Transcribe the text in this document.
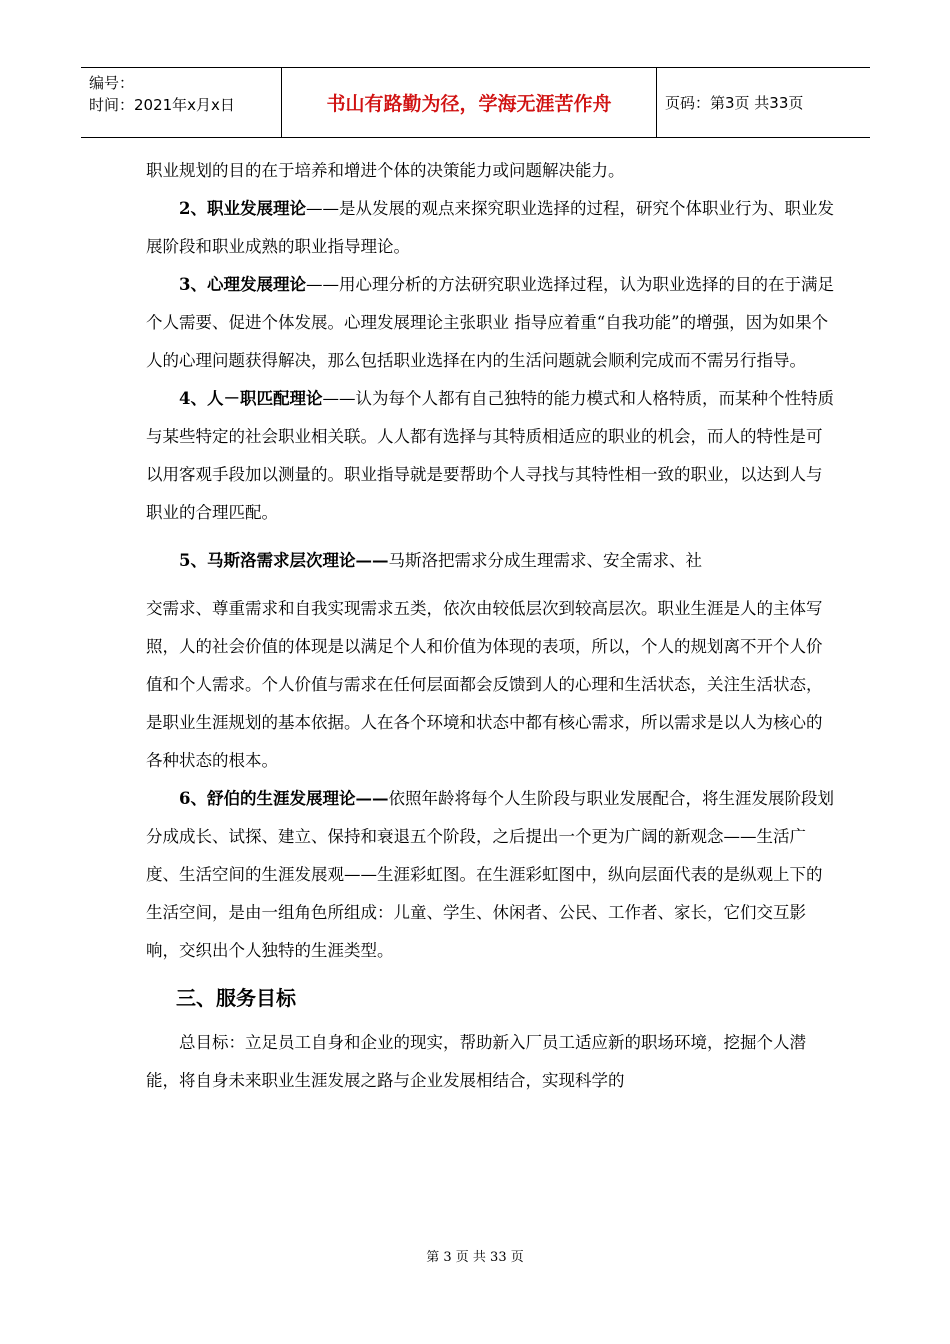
编号：
时间：2021年x月x日	书山有路勤为径，学海无涯苦作舟	页码：第3页 共33页

职业规划的目的在于培养和增进个体的决策能力或问题解决能力。

2、职业发展理论——是从发展的观点来探究职业选择的过程，研究个体职业行为、职业发展阶段和职业成熟的职业指导理论。

3、心理发展理论——用心理分析的方法研究职业选择过程，认为职业选择的目的在于满足个人需要、促进个体发展。心理发展理论主张职业 指导应着重“自我功能”的增强，因为如果个人的心理问题获得解决，那么包括职业选择在内的生活问题就会顺利完成而不需另行指导。

4、人－职匹配理论——认为每个人都有自己独特的能力模式和人格特质，而某种个性特质与某些特定的社会职业相关联。人人都有选择与其特质相适应的职业的机会，而人的特性是可以用客观手段加以测量的。职业指导就是要帮助个人寻找与其特性相一致的职业，以达到人与职业的合理匹配。

5、马斯洛需求层次理论——马斯洛把需求分成生理需求、安全需求、社

交需求、尊重需求和自我实现需求五类，依次由较低层次到较高层次。职业生涯是人的主体写照，人的社会价值的体现是以满足个人和价值为体现的表项，所以，个人的规划离不开个人价值和个人需求。个人价值与需求在任何层面都会反馈到人的心理和生活状态，关注生活状态，是职业生涯规划的基本依据。人在各个环境和状态中都有核心需求，所以需求是以人为核心的各种状态的根本。

6、舒伯的生涯发展理论——依照年龄将每个人生阶段与职业发展配合，将生涯发展阶段划分成成长、试探、建立、保持和衰退五个阶段，之后提出一个更为广阔的新观念——生活广度、生活空间的生涯发展观——生涯彩虹图。在生涯彩虹图中，纵向层面代表的是纵观上下的生活空间，是由一组角色所组成：儿童、学生、休闲者、公民、工作者、家长，它们交互影响，交织出个人独特的生涯类型。

三、服务目标

总目标：立足员工自身和企业的现实，帮助新入厂员工适应新的职场环境，挖掘个人潜能，将自身未来职业生涯发展之路与企业发展相结合，实现科学的

第 3 页 共 33 页
